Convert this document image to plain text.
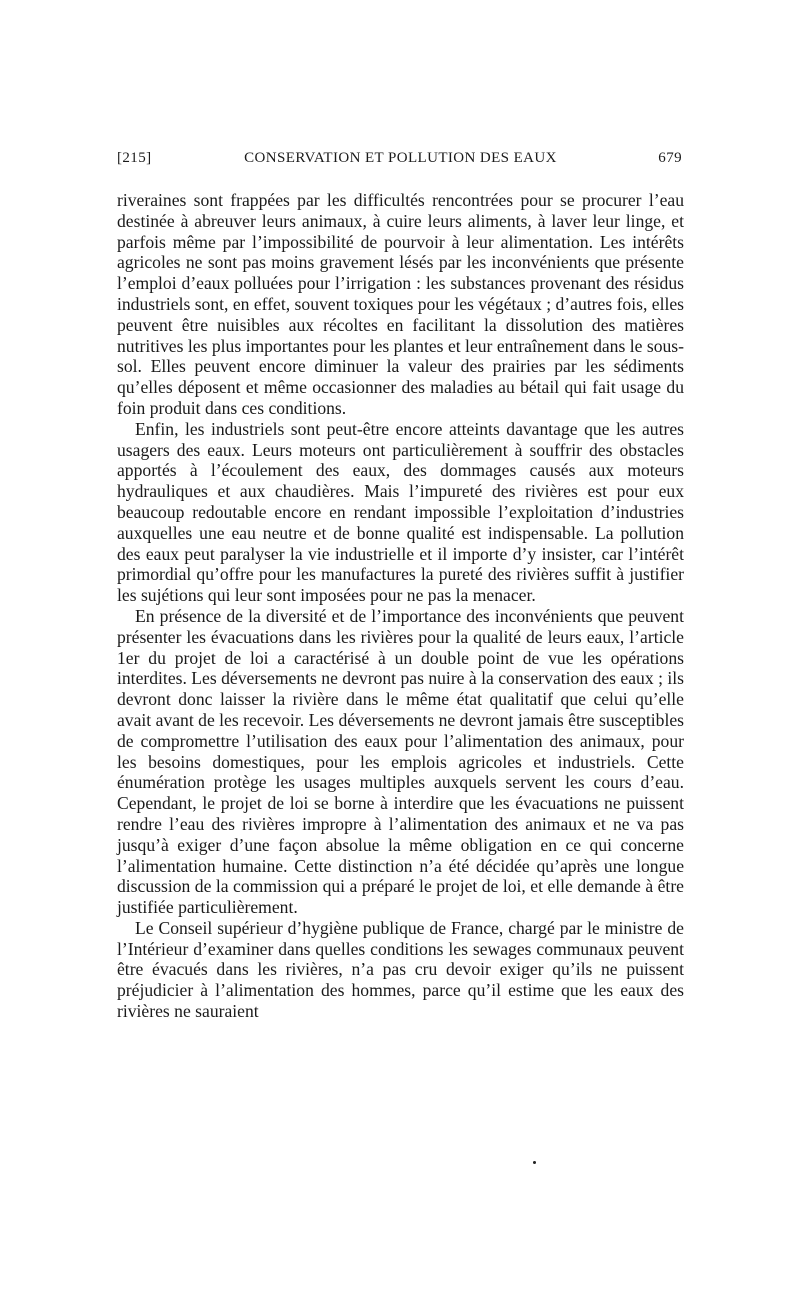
[215]	CONSERVATION ET POLLUTION DES EAUX	679

riveraines sont frappées par les difficultés rencontrées pour se procurer l’eau destinée à abreuver leurs animaux, à cuire leurs aliments, à laver leur linge, et parfois même par l’impossibilité de pourvoir à leur alimentation. Les intérêts agricoles ne sont pas moins gravement lésés par les inconvénients que présente l’emploi d’eaux polluées pour l’irrigation : les substances provenant des résidus industriels sont, en effet, souvent toxiques pour les végétaux ; d’autres fois, elles peuvent être nuisibles aux récoltes en facilitant la dissolution des matières nutritives les plus importantes pour les plantes et leur entraînement dans le sous-sol. Elles peuvent encore diminuer la valeur des prairies par les sédiments qu’elles déposent et même occasionner des maladies au bétail qui fait usage du foin produit dans ces conditions.

Enfin, les industriels sont peut-être encore atteints davantage que les autres usagers des eaux. Leurs moteurs ont particulièrement à souffrir des obstacles apportés à l’écoulement des eaux, des dommages causés aux moteurs hydrauliques et aux chaudières. Mais l’impureté des rivières est pour eux beaucoup redoutable encore en rendant impossible l’exploitation d’industries auxquelles une eau neutre et de bonne qualité est indispensable. La pollution des eaux peut paralyser la vie industrielle et il importe d’y insister, car l’intérêt primordial qu’offre pour les manufactures la pureté des rivières suffit à justifier les sujétions qui leur sont imposées pour ne pas la menacer.

En présence de la diversité et de l’importance des inconvénients que peuvent présenter les évacuations dans les rivières pour la qualité de leurs eaux, l’article 1er du projet de loi a caractérisé à un double point de vue les opérations interdites. Les déversements ne devront pas nuire à la conservation des eaux ; ils devront donc laisser la rivière dans le même état qualitatif que celui qu’elle avait avant de les recevoir. Les déversements ne devront jamais être susceptibles de compromettre l’utilisation des eaux pour l’alimentation des animaux, pour les besoins domestiques, pour les emplois agricoles et industriels. Cette énumération protège les usages multiples auxquels servent les cours d’eau. Cependant, le projet de loi se borne à interdire que les évacuations ne puissent rendre l’eau des rivières impropre à l’alimentation des animaux et ne va pas jusqu’à exiger d’une façon absolue la même obligation en ce qui concerne l’alimentation humaine. Cette distinction n’a été décidée qu’après une longue discussion de la commission qui a préparé le projet de loi, et elle demande à être justifiée particulièrement.

Le Conseil supérieur d’hygiène publique de France, chargé par le ministre de l’Intérieur d’examiner dans quelles conditions les sewages communaux peuvent être évacués dans les rivières, n’a pas cru devoir exiger qu’ils ne puissent préjudicier à l’alimentation des hommes, parce qu’il estime que les eaux des rivières ne sauraient
